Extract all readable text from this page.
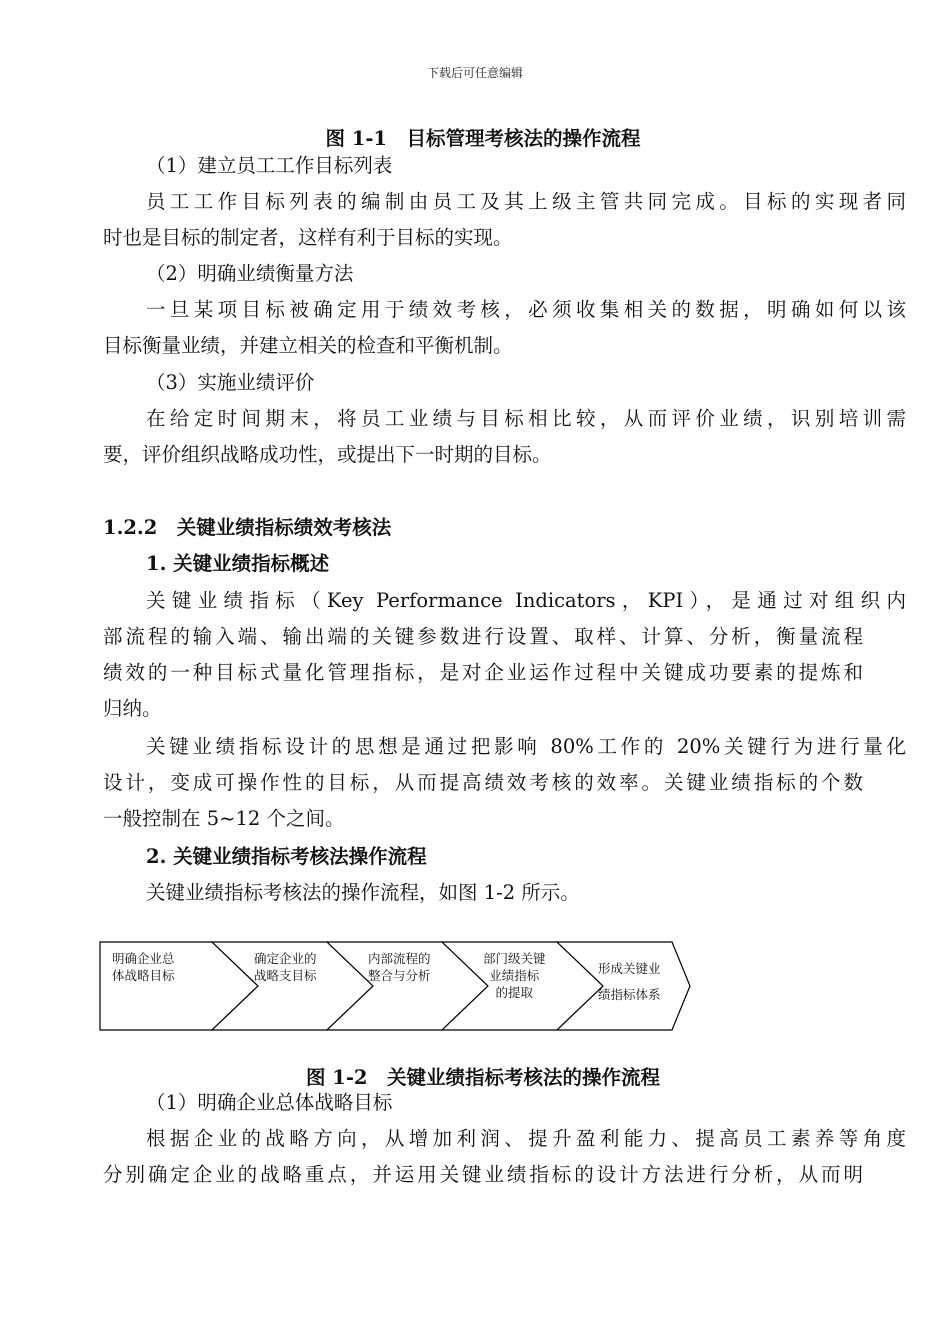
下载后可任意编辑
图 1-1　目标管理考核法的操作流程
（1）建立员工工作目标列表
员工工作目标列表的编制由员工及其上级主管共同完成。目标的实现者同
时也是目标的制定者，这样有利于目标的实现。
（2）明确业绩衡量方法
一旦某项目标被确定用于绩效考核，必须收集相关的数据，明确如何以该
目标衡量业绩，并建立相关的检查和平衡机制。
（3）实施业绩评价
在给定时间期末，将员工业绩与目标相比较，从而评价业绩，识别培训需
要，评价组织战略成功性，或提出下一时期的目标。
1.2.2　关键业绩指标绩效考核法
1. 关键业绩指标概述
关键业绩指标（Key Performance Indicators，KPI），是通过对组织内
部流程的输入端、输出端的关键参数进行设置、取样、计算、分析，衡量流程
绩效的一种目标式量化管理指标，是对企业运作过程中关键成功要素的提炼和
归纳。
关键业绩指标设计的思想是通过把影响 80%工作的 20%关键行为进行量化
设计，变成可操作性的目标，从而提高绩效考核的效率。关键业绩指标的个数
一般控制在 5~12 个之间。
2. 关键业绩指标考核法操作流程
关键业绩指标考核法的操作流程，如图 1-2 所示。
图 1-2　关键业绩指标考核法的操作流程
（1）明确企业总体战略目标
根据企业的战略方向，从增加利润、提升盈利能力、提高员工素养等角度
分别确定企业的战略重点，并运用关键业绩指标的设计方法进行分析，从而明
明确企业总
体战略目标
确定企业的
战略支目标
内部流程的
整合与分析
部门级关键
业绩指标
的提取
形成关键业
绩指标体系
